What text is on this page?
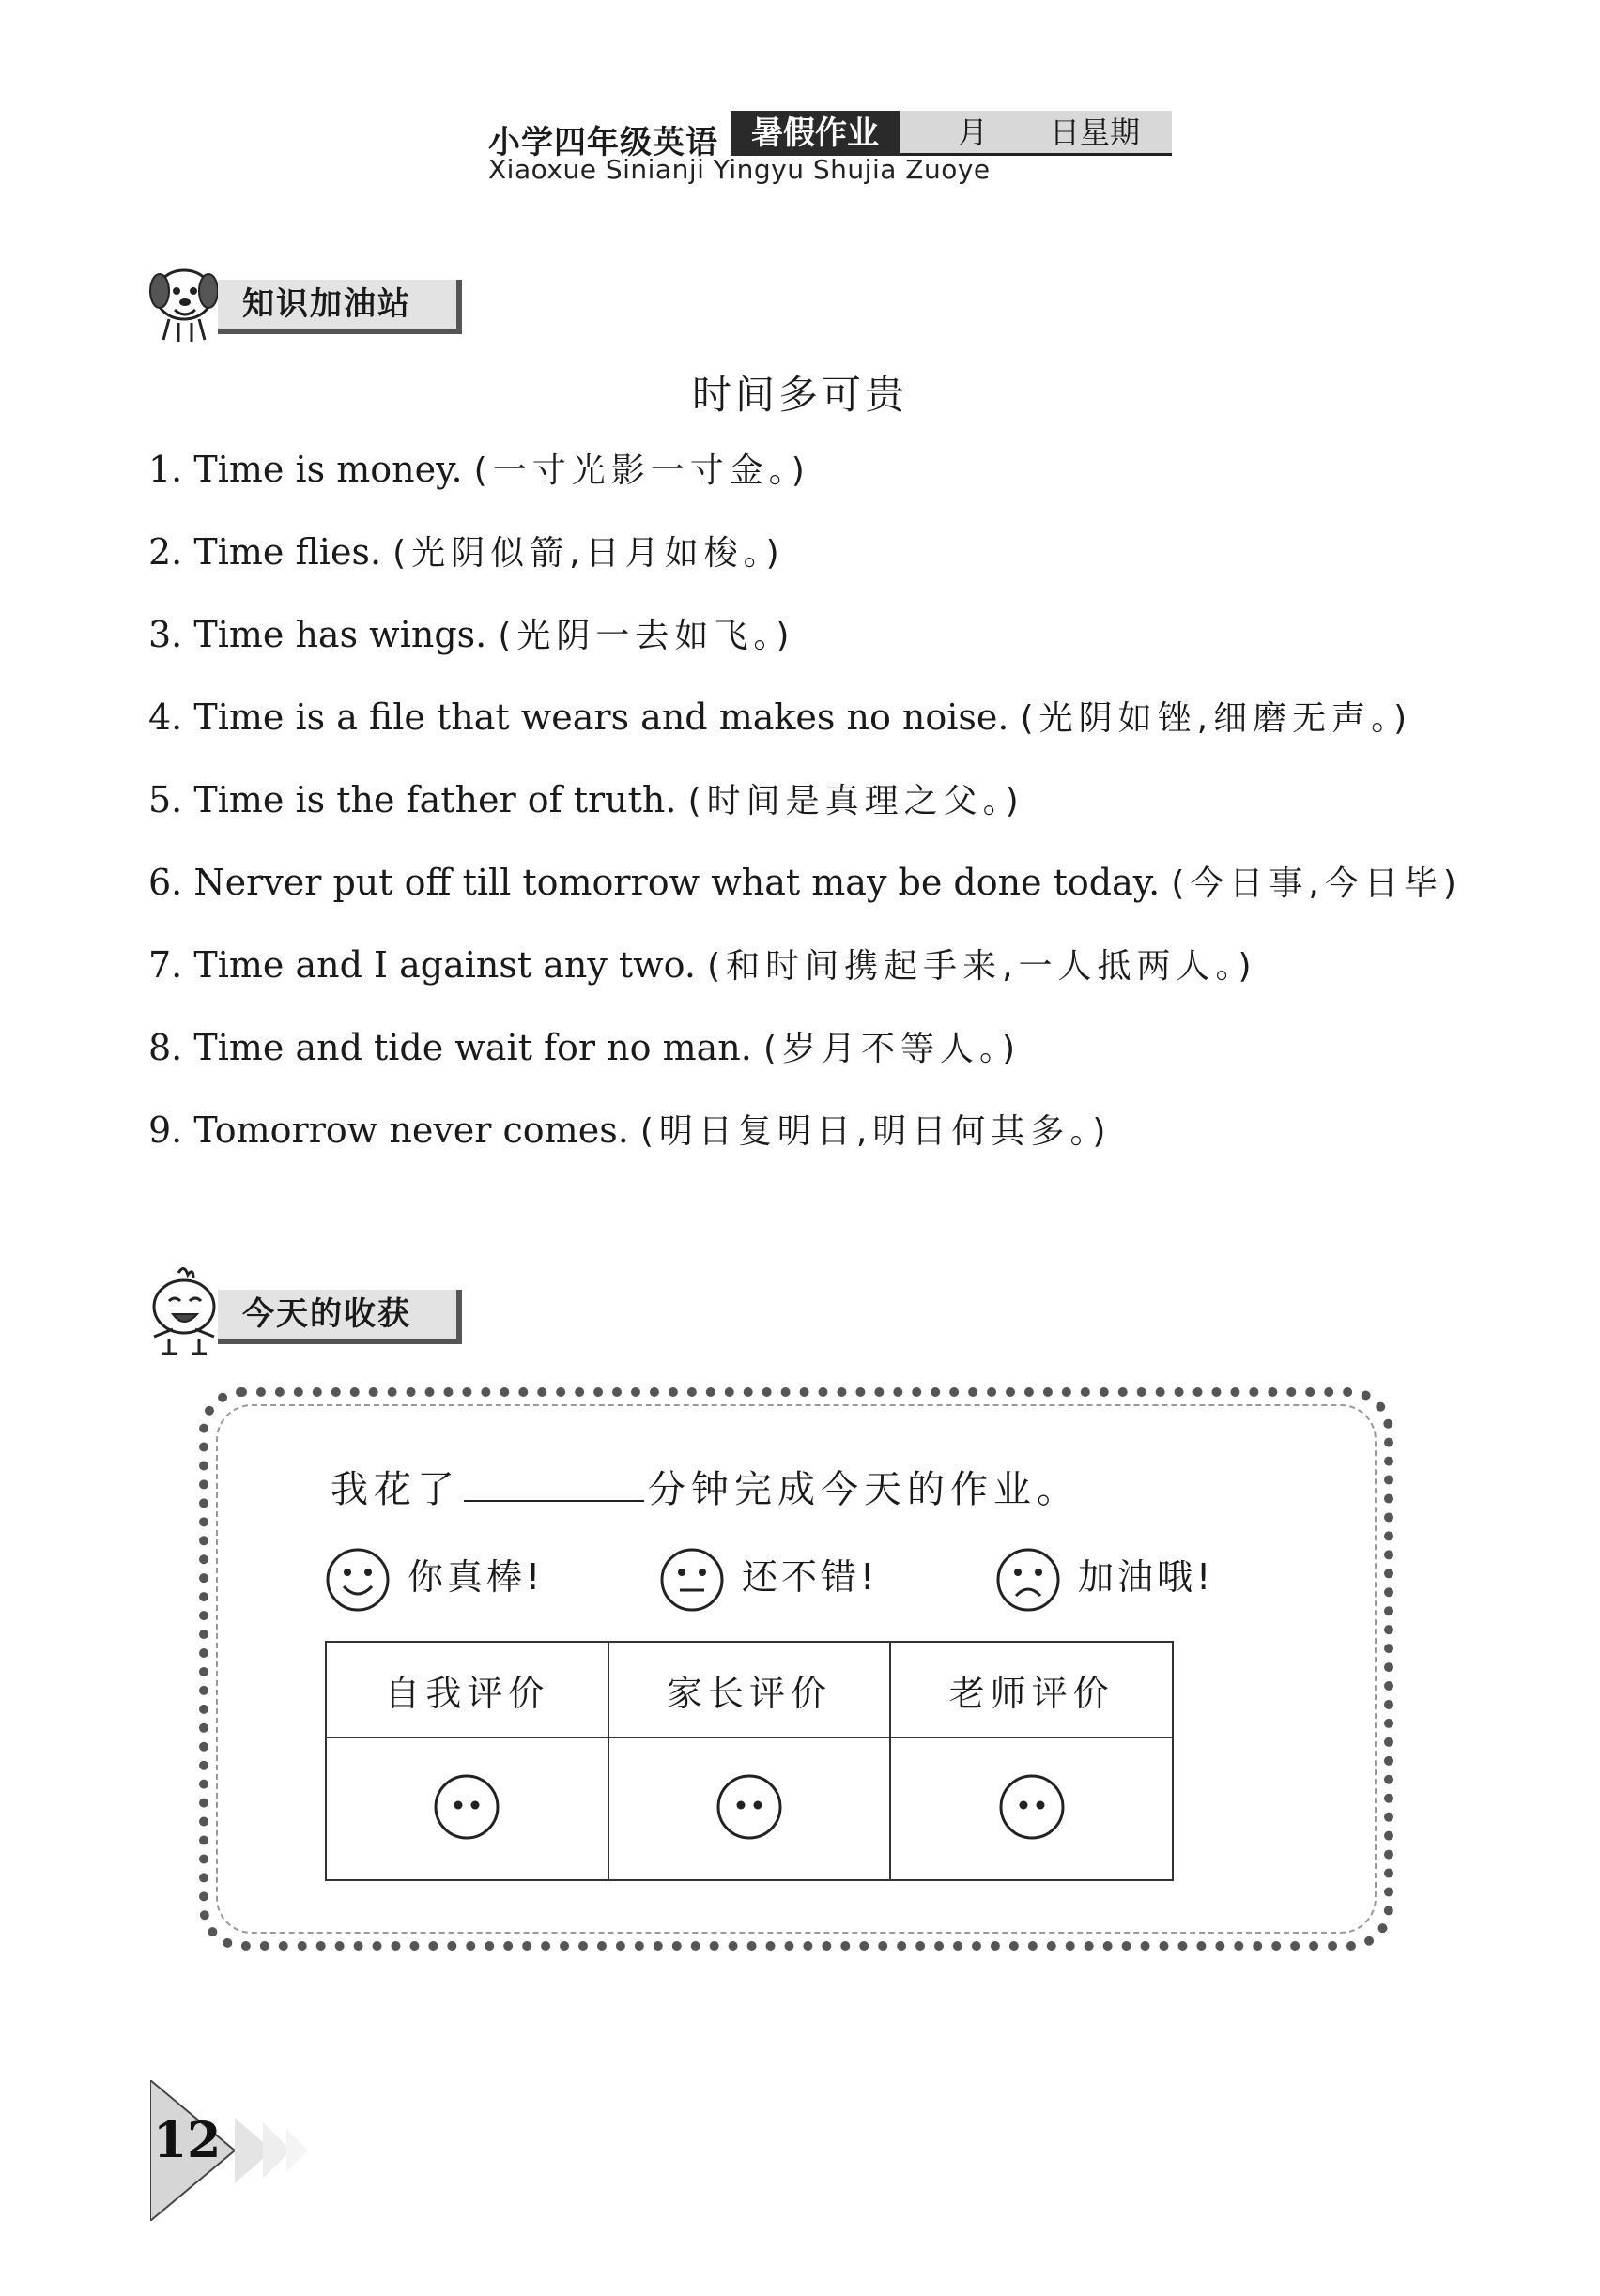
小学四年级英语	暑假作业	月 日星期
Xiaoxue Sinianji Yingyu Shujia Zuoye
知识加油站
时间多可贵
1. Time is money. (一寸光影一寸金。)
2. Time flies. (光阴似箭,日月如梭。)
3. Time has wings. (光阴一去如飞。)
4. Time is a file that wears and makes no noise. (光阴如锉,细磨无声。)
5. Time is the father of truth. (时间是真理之父。)
6. Nerver put off till tomorrow what may be done today. (今日事,今日毕)
7. Time and I against any two. (和时间携起手来,一人抵两人。)
8. Time and tide wait for no man. (岁月不等人。)
9. Tomorrow never comes. (明日复明日,明日何其多。)
今天的收获
我花了	分钟完成今天的作业。
你真棒!	还不错!	加油哦!
自我评价	家长评价	老师评价

12
